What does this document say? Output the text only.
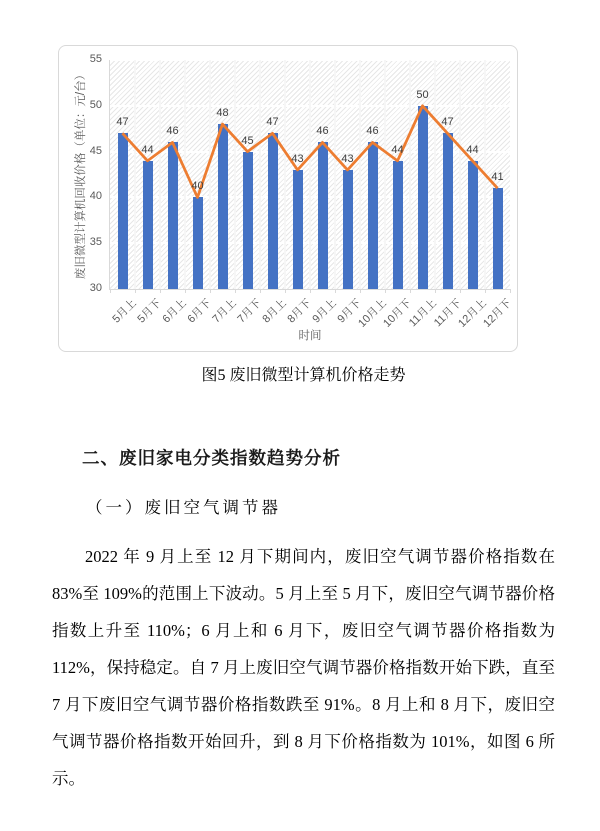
废旧微型计算机回收价格（单位：元/台）
时间
30
35
40
45
50
55
47
44
46
40
48
45
47
43
46
43
46
44
50
47
44
41
5月上
5月下
6月上
6月下
7月上
7月下
8月上
8月下
9月上
9月下
10月上
10月下
11月上
11月下
12月上
12月下
图5 废旧微型计算机价格走势
二、废旧家电分类指数趋势分析
（一）废旧空气调节器
2022 年 9 月上至 12 月下期间内，废旧空气调节器价格指数在 83%至 109%的范围上下波动。5 月上至 5 月下，废旧空气调节器价格指数上升至 110%；6 月上和 6 月下，废旧空气调节器价格指数为 112%，保持稳定。自 7 月上废旧空气调节器价格指数开始下跌，直至 7 月下废旧空气调节器价格指数跌至 91%。8 月上和 8 月下，废旧空气调节器价格指数开始回升，到 8 月下价格指数为 101%，如图 6 所示。
